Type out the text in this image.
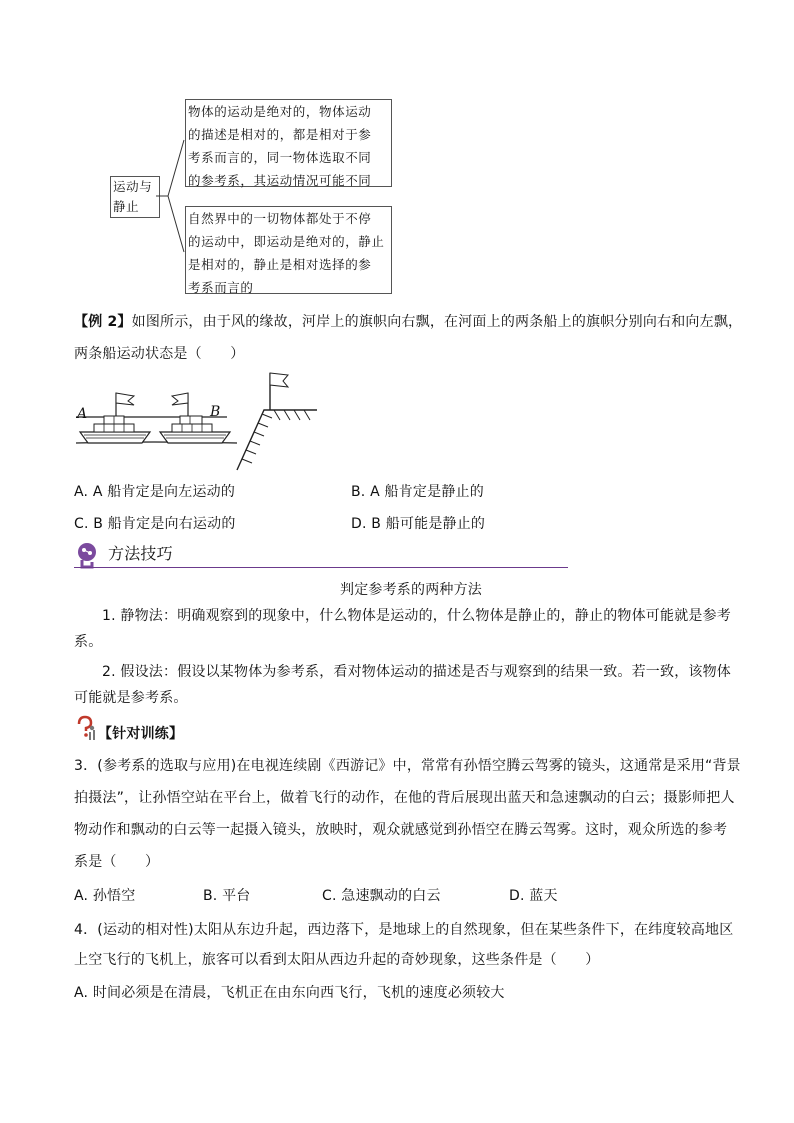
运动与
静止
物体的运动是绝对的，物体运动
的描述是相对的，都是相对于参
考系而言的，同一物体选取不同
的参考系，其运动情况可能不同
自然界中的一切物体都处于不停
的运动中，即运动是绝对的，静止
是相对的，静止是相对选择的参
考系而言的
【例 2】如图所示，由于风的缘故，河岸上的旗帜向右飘，在河面上的两条船上的旗帜分别向右和向左飘，
两条船运动状态是（　　）
A	B
A. A 船肯定是向左运动的	B. A 船肯定是静止的
C. B 船肯定是向右运动的	D. B 船可能是静止的
方法技巧
判定参考系的两种方法
1. 静物法：明确观察到的现象中，什么物体是运动的，什么物体是静止的，静止的物体可能就是参考
系。
2. 假设法：假设以某物体为参考系，看对物体运动的描述是否与观察到的结果一致。若一致，该物体
可能就是参考系。
【针对训练】
3．(参考系的选取与应用)在电视连续剧《西游记》中，常常有孙悟空腾云驾雾的镜头，这通常是采用“背景
拍摄法”，让孙悟空站在平台上，做着飞行的动作，在他的背后展现出蓝天和急速飘动的白云；摄影师把人
物动作和飘动的白云等一起摄入镜头，放映时，观众就感觉到孙悟空在腾云驾雾。这时，观众所选的参考
系是（　　）
A. 孙悟空	B. 平台	C. 急速飘动的白云	D. 蓝天
4．(运动的相对性)太阳从东边升起，西边落下，是地球上的自然现象，但在某些条件下，在纬度较高地区
上空飞行的飞机上，旅客可以看到太阳从西边升起的奇妙现象，这些条件是（　　）
A. 时间必须是在清晨，飞机正在由东向西飞行，飞机的速度必须较大
